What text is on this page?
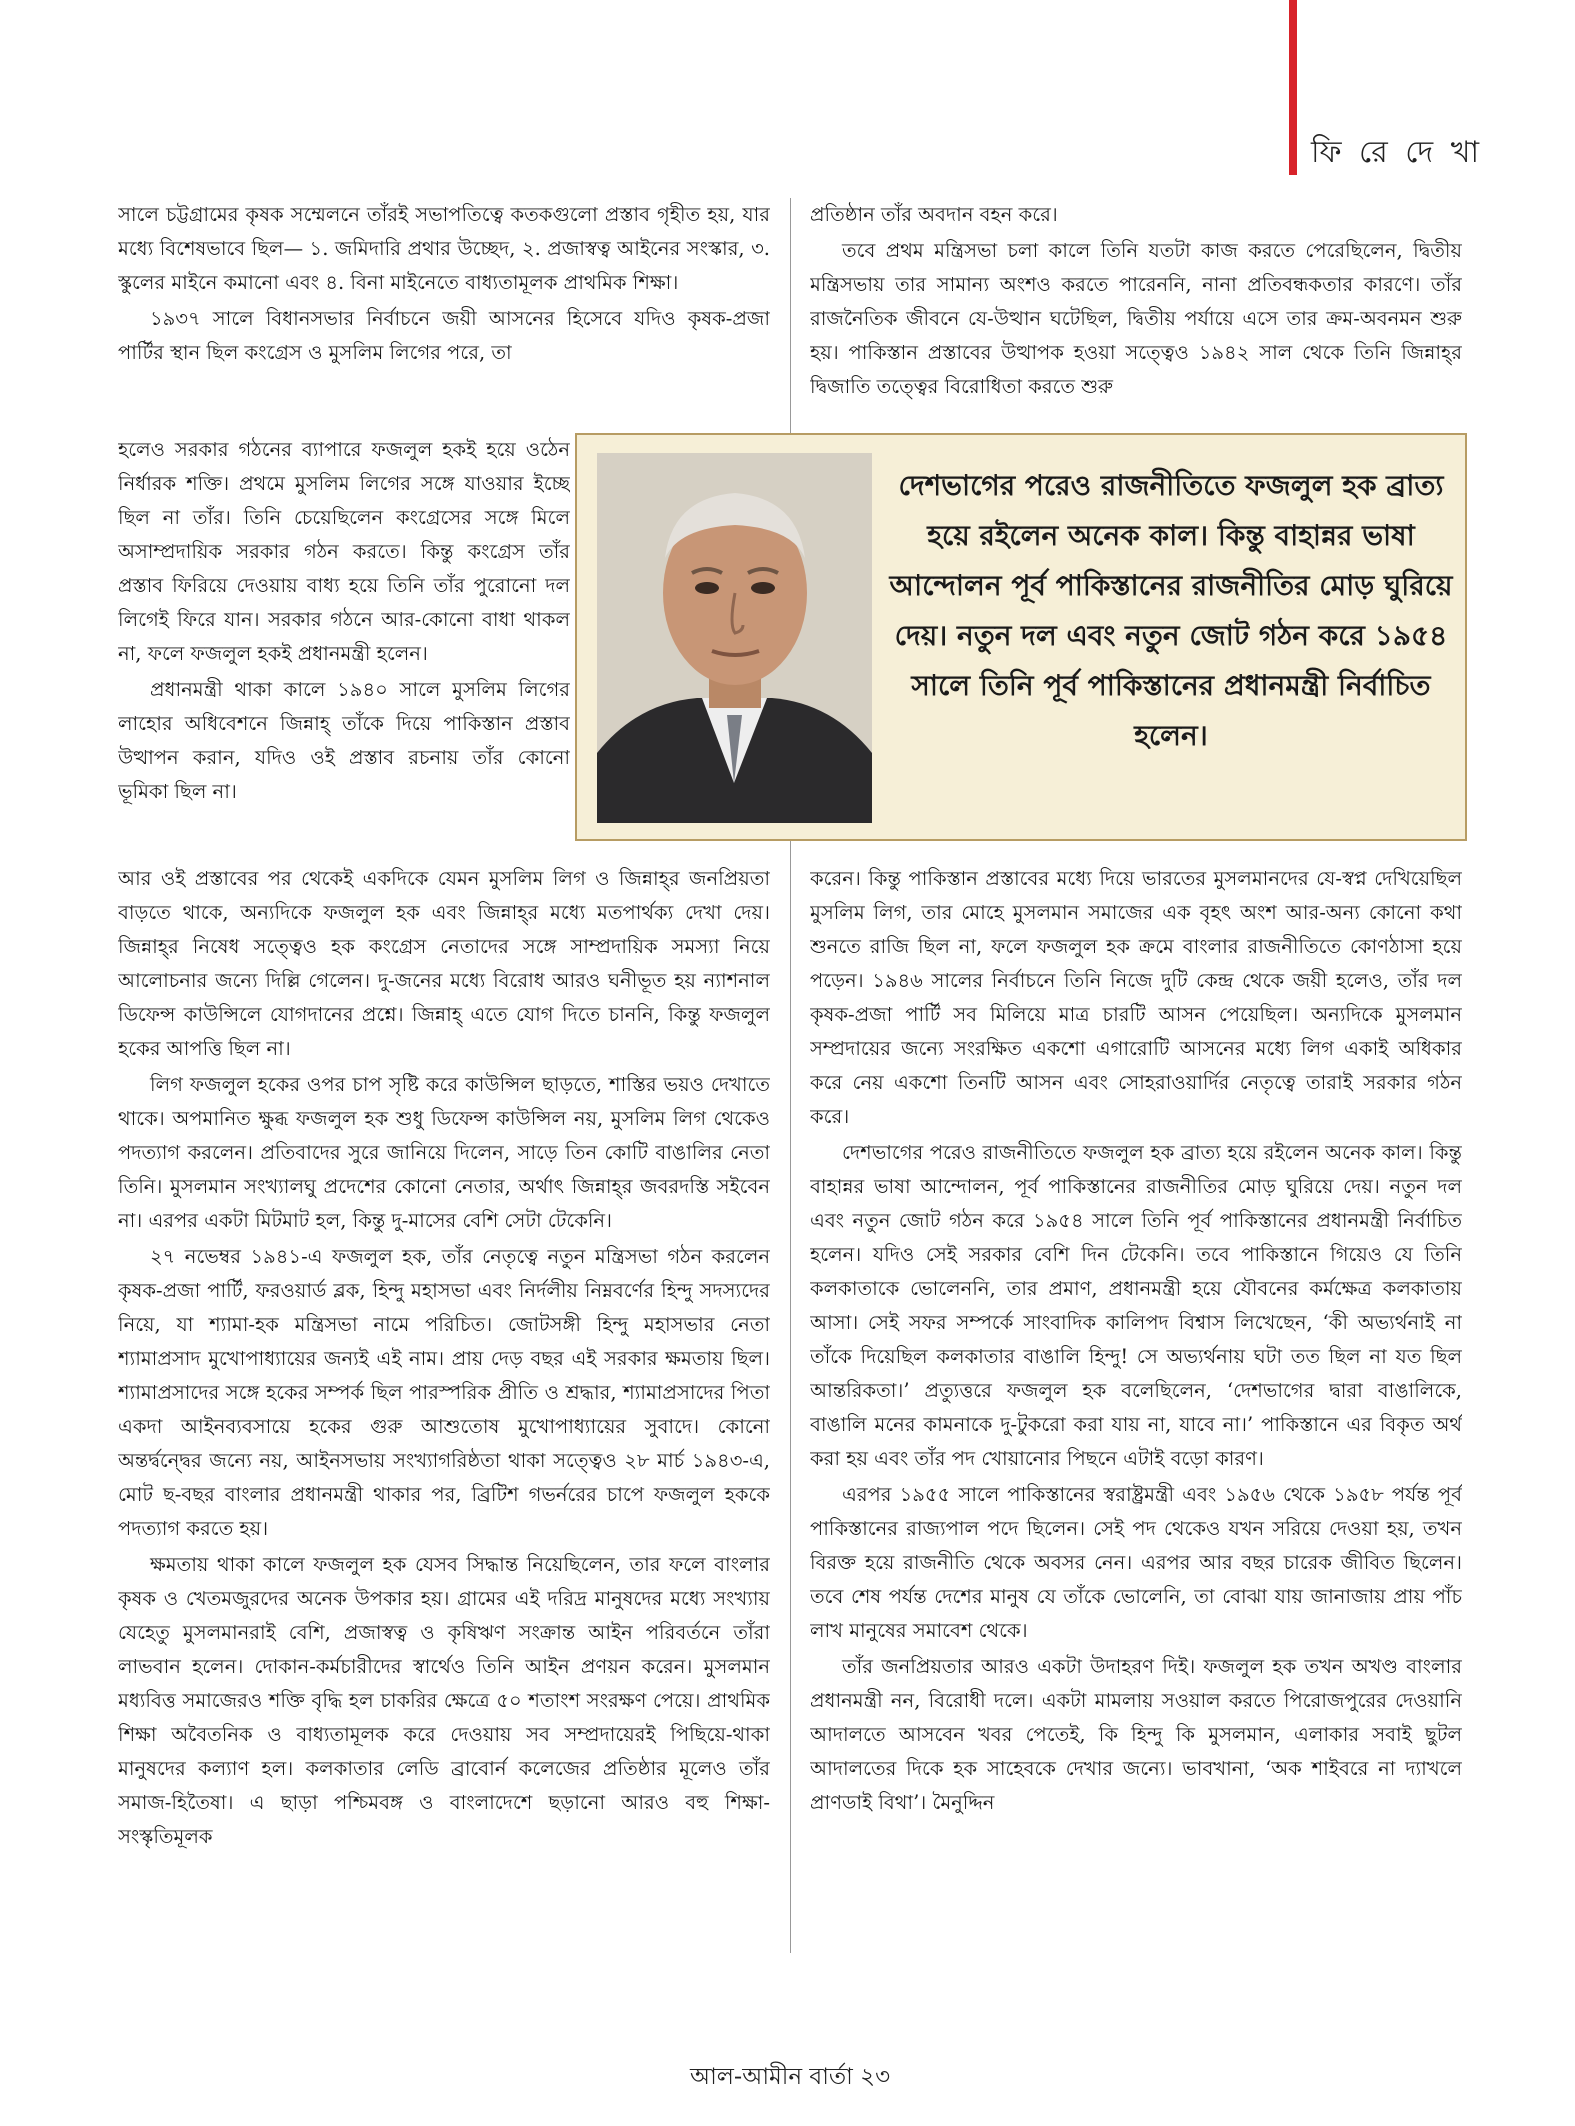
ফি রে দে খা

সালে চট্টগ্রামের কৃষক সম্মেলনে তাঁরই সভাপতিত্বে কতকগুলো প্রস্তাব গৃহীত হয়, যার মধ্যে বিশেষভাবে ছিল— ১. জমিদারি প্রথার উচ্ছেদ, ২. প্রজাস্বত্ব আইনের সংস্কার, ৩. স্কুলের মাইনে কমানো এবং ৪. বিনা মাইনেতে বাধ্যতামূলক প্রাথমিক শিক্ষা।

১৯৩৭ সালে বিধানসভার নির্বাচনে জয়ী আসনের হিসেবে যদিও কৃষক-প্রজা পার্টির স্থান ছিল কংগ্রেস ও মুসলিম লিগের পরে, তা

হলেও সরকার গঠনের ব্যাপারে ফজলুল হকই হয়ে ওঠেন নির্ধারক শক্তি। প্রথমে মুসলিম লিগের সঙ্গে যাওয়ার ইচ্ছে ছিল না তাঁর। তিনি চেয়েছিলেন কংগ্রেসের সঙ্গে মিলে অসাম্প্রদায়িক সরকার গঠন করতে। কিন্তু কংগ্রেস তাঁর প্রস্তাব ফিরিয়ে দেওয়ায় বাধ্য হয়ে তিনি তাঁর পুরোনো দল লিগেই ফিরে যান। সরকার গঠনে আর-কোনো বাধা থাকল না, ফলে ফজলুল হকই প্রধানমন্ত্রী হলেন।

প্রধানমন্ত্রী থাকা কালে ১৯৪০ সালে মুসলিম লিগের লাহোর অধিবেশনে জিন্নাহ্ তাঁকে দিয়ে পাকিস্তান প্রস্তাব উত্থাপন করান, যদিও ওই প্রস্তাব রচনায় তাঁর কোনো ভূমিকা ছিল না।

আর ওই প্রস্তাবের পর থেকেই একদিকে যেমন মুসলিম লিগ ও জিন্নাহ্‌র জনপ্রিয়তা বাড়তে থাকে, অন্যদিকে ফজলুল হক এবং জিন্নাহ্‌র মধ্যে মতপার্থক্য দেখা দেয়। জিন্নাহ্‌র নিষেধ সত্ত্বেও হক কংগ্রেস নেতাদের সঙ্গে সাম্প্রদায়িক সমস্যা নিয়ে আলোচনার জন্যে দিল্লি গেলেন। দু-জনের মধ্যে বিরোধ আরও ঘনীভূত হয় ন্যাশনাল ডিফেন্স কাউন্সিলে যোগদানের প্রশ্নে। জিন্নাহ্ এতে যোগ দিতে চাননি, কিন্তু ফজলুল হকের আপত্তি ছিল না।

লিগ ফজলুল হকের ওপর চাপ সৃষ্টি করে কাউন্সিল ছাড়তে, শাস্তির ভয়ও দেখাতে থাকে। অপমানিত ক্ষুব্ধ ফজলুল হক শুধু ডিফেন্স কাউন্সিল নয়, মুসলিম লিগ থেকেও পদত্যাগ করলেন। প্রতিবাদের সুরে জানিয়ে দিলেন, সাড়ে তিন কোটি বাঙালির নেতা তিনি। মুসলমান সংখ্যালঘু প্রদেশের কোনো নেতার, অর্থাৎ জিন্নাহ্‌র জবরদস্তি সইবেন না। এরপর একটা মিটমাট হল, কিন্তু দু-মাসের বেশি সেটা টেকেনি।

২৭ নভেম্বর ১৯৪১-এ ফজলুল হক, তাঁর নেতৃত্বে নতুন মন্ত্রিসভা গঠন করলেন কৃষক-প্রজা পার্টি, ফরওয়ার্ড ব্লক, হিন্দু মহাসভা এবং নির্দলীয় নিম্নবর্ণের হিন্দু সদস্যদের নিয়ে, যা শ্যামা-হক মন্ত্রিসভা নামে পরিচিত। জোটসঙ্গী হিন্দু মহাসভার নেতা শ্যামাপ্রসাদ মুখোপাধ্যায়ের জন্যই এই নাম। প্রায় দেড় বছর এই সরকার ক্ষমতায় ছিল। শ্যামাপ্রসাদের সঙ্গে হকের সম্পর্ক ছিল পারস্পরিক প্রীতি ও শ্রদ্ধার, শ্যামাপ্রসাদের পিতা একদা আইনব্যবসায়ে হকের গুরু আশুতোষ মুখোপাধ্যায়ের সুবাদে। কোনো অন্তর্দ্বন্দ্বের জন্যে নয়, আইনসভায় সংখ্যাগরিষ্ঠতা থাকা সত্ত্বেও ২৮ মার্চ ১৯৪৩-এ, মোট ছ-বছর বাংলার প্রধানমন্ত্রী থাকার পর, ব্রিটিশ গভর্নরের চাপে ফজলুল হককে পদত্যাগ করতে হয়।

ক্ষমতায় থাকা কালে ফজলুল হক যেসব সিদ্ধান্ত নিয়েছিলেন, তার ফলে বাংলার কৃষক ও খেতমজুরদের অনেক উপকার হয়। গ্রামের এই দরিদ্র মানুষদের মধ্যে সংখ্যায় যেহেতু মুসলমানরাই বেশি, প্রজাস্বত্ব ও কৃষিঋণ সংক্রান্ত আইন পরিবর্তনে তাঁরা লাভবান হলেন। দোকান-কর্মচারীদের স্বার্থেও তিনি আইন প্রণয়ন করেন। মুসলমান মধ্যবিত্ত সমাজেরও শক্তি বৃদ্ধি হল চাকরির ক্ষেত্রে ৫০ শতাংশ সংরক্ষণ পেয়ে। প্রাথমিক শিক্ষা অবৈতনিক ও বাধ্যতামূলক করে দেওয়ায় সব সম্প্রদায়েরই পিছিয়ে-থাকা মানুষদের কল্যাণ হল। কলকাতার লেডি ব্রাবোর্ন কলেজের প্রতিষ্ঠার মূলেও তাঁর সমাজ-হিতৈষা। এ ছাড়া পশ্চিমবঙ্গ ও বাংলাদেশে ছড়ানো আরও বহু শিক্ষা-সংস্কৃতিমূলক

প্রতিষ্ঠান তাঁর অবদান বহন করে।

তবে প্রথম মন্ত্রিসভা চলা কালে তিনি যতটা কাজ করতে পেরেছিলেন, দ্বিতীয় মন্ত্রিসভায় তার সামান্য অংশও করতে পারেননি, নানা প্রতিবন্ধকতার কারণে। তাঁর রাজনৈতিক জীবনে যে-উত্থান ঘটেছিল, দ্বিতীয় পর্যায়ে এসে তার ক্রম-অবনমন শুরু হয়। পাকিস্তান প্রস্তাবের উত্থাপক হওয়া সত্ত্বেও ১৯৪২ সাল থেকে তিনি জিন্নাহ্‌র দ্বিজাতি তত্ত্বের বিরোধিতা করতে শুরু

দেশভাগের পরেও রাজনীতিতে ফজলুল হক ব্রাত্য হয়ে রইলেন অনেক কাল। কিন্তু বাহান্নর ভাষা আন্দোলন পূর্ব পাকিস্তানের রাজনীতির মোড় ঘুরিয়ে দেয়। নতুন দল এবং নতুন জোট গঠন করে ১৯৫৪ সালে তিনি পূর্ব পাকিস্তানের প্রধানমন্ত্রী নির্বাচিত হলেন।

করেন। কিন্তু পাকিস্তান প্রস্তাবের মধ্যে দিয়ে ভারতের মুসলমানদের যে-স্বপ্ন দেখিয়েছিল মুসলিম লিগ, তার মোহে মুসলমান সমাজের এক বৃহৎ অংশ আর-অন্য কোনো কথা শুনতে রাজি ছিল না, ফলে ফজলুল হক ক্রমে বাংলার রাজনীতিতে কোণঠাসা হয়ে পড়েন। ১৯৪৬ সালের নির্বাচনে তিনি নিজে দুটি কেন্দ্র থেকে জয়ী হলেও, তাঁর দল কৃষক-প্রজা পার্টি সব মিলিয়ে মাত্র চারটি আসন পেয়েছিল। অন্যদিকে মুসলমান সম্প্রদায়ের জন্যে সংরক্ষিত একশো এগারোটি আসনের মধ্যে লিগ একাই অধিকার করে নেয় একশো তিনটি আসন এবং সোহরাওয়ার্দির নেতৃত্বে তারাই সরকার গঠন করে।

দেশভাগের পরেও রাজনীতিতে ফজলুল হক ব্রাত্য হয়ে রইলেন অনেক কাল। কিন্তু বাহান্নর ভাষা আন্দোলন, পূর্ব পাকিস্তানের রাজনীতির মোড় ঘুরিয়ে দেয়। নতুন দল এবং নতুন জোট গঠন করে ১৯৫৪ সালে তিনি পূর্ব পাকিস্তানের প্রধানমন্ত্রী নির্বাচিত হলেন। যদিও সেই সরকার বেশি দিন টেকেনি। তবে পাকিস্তানে গিয়েও যে তিনি কলকাতাকে ভোলেননি, তার প্রমাণ, প্রধানমন্ত্রী হয়ে যৌবনের কর্মক্ষেত্র কলকাতায় আসা। সেই সফর সম্পর্কে সাংবাদিক কালিপদ বিশ্বাস লিখেছেন, ‘কী অভ্যর্থনাই না তাঁকে দিয়েছিল কলকাতার বাঙালি হিন্দু! সে অভ্যর্থনায় ঘটা তত ছিল না যত ছিল আন্তরিকতা।’ প্রত্যুত্তরে ফজলুল হক বলেছিলেন, ‘দেশভাগের দ্বারা বাঙালিকে, বাঙালি মনের কামনাকে দু-টুকরো করা যায় না, যাবে না।’ পাকিস্তানে এর বিকৃত অর্থ করা হয় এবং তাঁর পদ খোয়ানোর পিছনে এটাই বড়ো কারণ।

এরপর ১৯৫৫ সালে পাকিস্তানের স্বরাষ্ট্রমন্ত্রী এবং ১৯৫৬ থেকে ১৯৫৮ পর্যন্ত পূর্ব পাকিস্তানের রাজ্যপাল পদে ছিলেন। সেই পদ থেকেও যখন সরিয়ে দেওয়া হয়, তখন বিরক্ত হয়ে রাজনীতি থেকে অবসর নেন। এরপর আর বছর চারেক জীবিত ছিলেন। তবে শেষ পর্যন্ত দেশের মানুষ যে তাঁকে ভোলেনি, তা বোঝা যায় জানাজায় প্রায় পাঁচ লাখ মানুষের সমাবেশ থেকে।

তাঁর জনপ্রিয়তার আরও একটা উদাহরণ দিই। ফজলুল হক তখন অখণ্ড বাংলার প্রধানমন্ত্রী নন, বিরোধী দলে। একটা মামলায় সওয়াল করতে পিরোজপুরের দেওয়ানি আদালতে আসবেন খবর পেতেই, কি হিন্দু কি মুসলমান, এলাকার সবাই ছুটল আদালতের দিকে হক সাহেবকে দেখার জন্যে। ভাবখানা, ‘অক শাইবরে না দ্যাখলে প্রাণডাই বিথা’। মৈনুদ্দিন

আল-আমীন বার্তা ২৩
